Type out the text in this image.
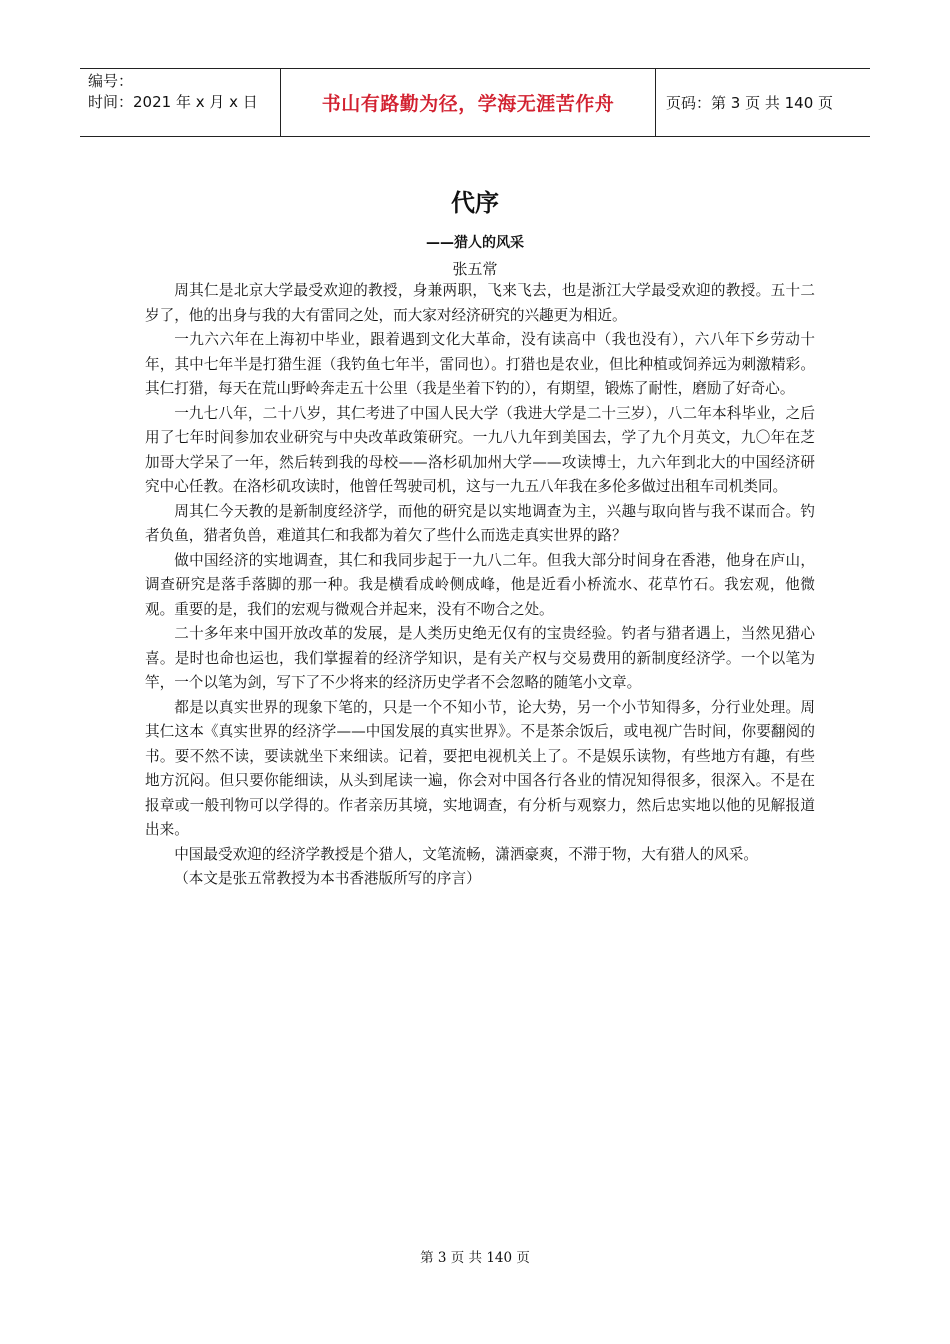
编号：
时间：2021 年 x 月 x 日	书山有路勤为径，学海无涯苦作舟	页码：第 3 页 共 140 页
代序
——猎人的风采
张五常

周其仁是北京大学最受欢迎的教授，身兼两职，飞来飞去，也是浙江大学最受欢迎的教授。五十二岁了，他的出身与我的大有雷同之处，而大家对经济研究的兴趣更为相近。

一九六六年在上海初中毕业，跟着遇到文化大革命，没有读高中（我也没有），六八年下乡劳动十年，其中七年半是打猎生涯（我钓鱼七年半，雷同也）。打猎也是农业，但比种植或饲养远为刺激精彩。其仁打猎，每天在荒山野岭奔走五十公里（我是坐着下钓的），有期望，锻炼了耐性，磨励了好奇心。

一九七八年，二十八岁，其仁考进了中国人民大学（我进大学是二十三岁），八二年本科毕业，之后用了七年时间参加农业研究与中央改革政策研究。一九八九年到美国去，学了九个月英文，九〇年在芝加哥大学呆了一年，然后转到我的母校——洛杉矶加州大学——攻读博士，九六年到北大的中国经济研究中心任教。在洛杉矶攻读时，他曾任驾驶司机，这与一九五八年我在多伦多做过出租车司机类同。

周其仁今天教的是新制度经济学，而他的研究是以实地调查为主，兴趣与取向皆与我不谋而合。钓者负鱼，猎者负兽，难道其仁和我都为着欠了些什么而选走真实世界的路？

做中国经济的实地调查，其仁和我同步起于一九八二年。但我大部分时间身在香港，他身在庐山，调查研究是落手落脚的那一种。我是横看成岭侧成峰，他是近看小桥流水、花草竹石。我宏观，他微观。重要的是，我们的宏观与微观合并起来，没有不吻合之处。

二十多年来中国开放改革的发展，是人类历史绝无仅有的宝贵经验。钓者与猎者遇上，当然见猎心喜。是时也命也运也，我们掌握着的经济学知识，是有关产权与交易费用的新制度经济学。一个以笔为竿，一个以笔为剑，写下了不少将来的经济历史学者不会忽略的随笔小文章。

都是以真实世界的现象下笔的，只是一个不知小节，论大势，另一个小节知得多，分行业处理。周其仁这本《真实世界的经济学——中国发展的真实世界》。不是茶余饭后，或电视广告时间，你要翻阅的书。要不然不读，要读就坐下来细读。记着，要把电视机关上了。不是娱乐读物，有些地方有趣，有些地方沉闷。但只要你能细读，从头到尾读一遍，你会对中国各行各业的情况知得很多，很深入。不是在报章或一般刊物可以学得的。作者亲历其境，实地调查，有分析与观察力，然后忠实地以他的见解报道出来。

中国最受欢迎的经济学教授是个猎人，文笔流畅，潇洒豪爽，不滞于物，大有猎人的风采。

（本文是张五常教授为本书香港版所写的序言）

第 3 页 共 140 页
